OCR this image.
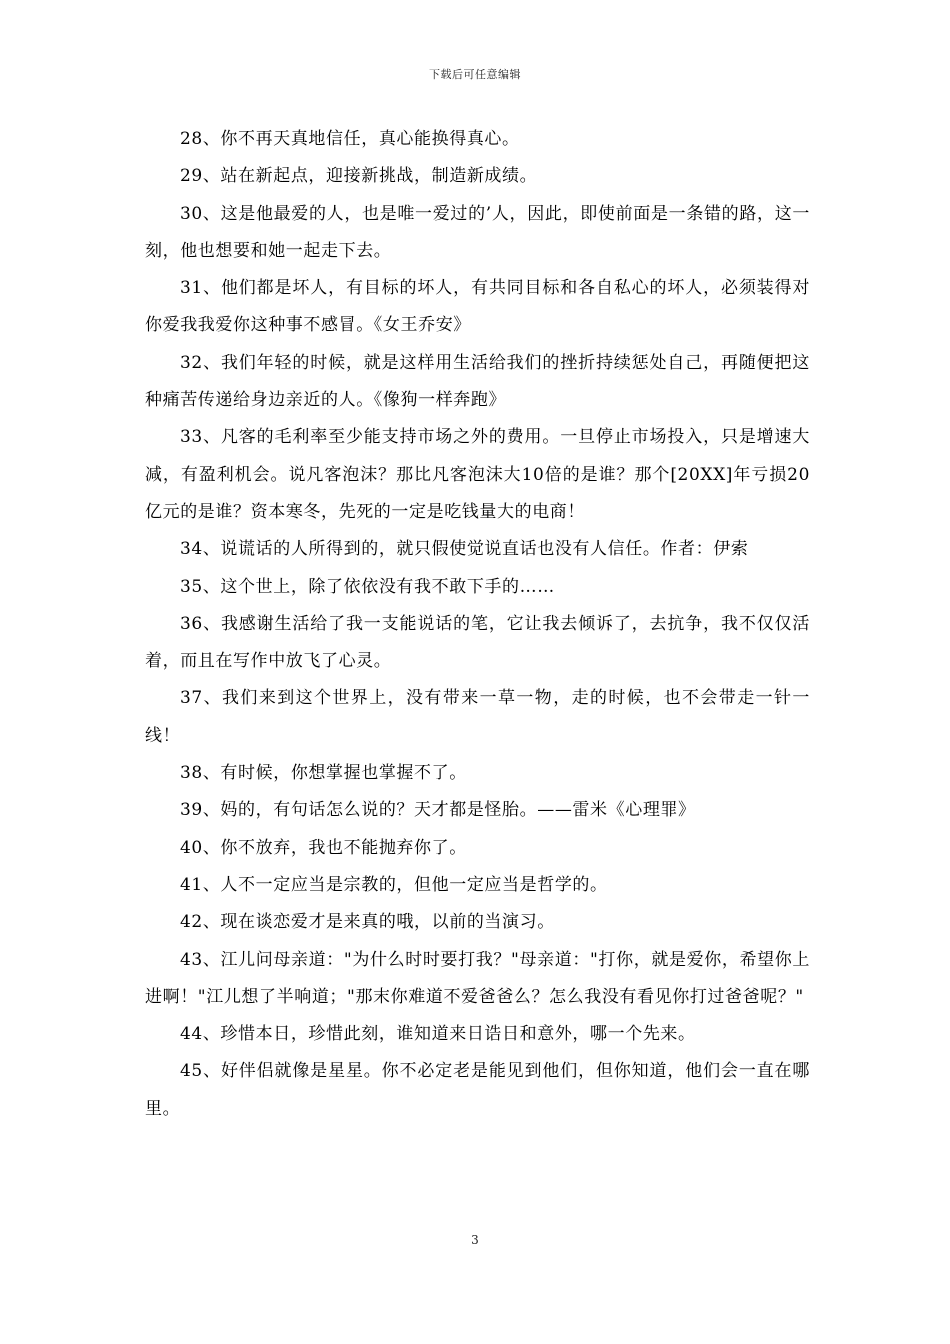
下载后可任意编辑

28、你不再天真地信任，真心能换得真心。

29、站在新起点，迎接新挑战，制造新成绩。

30、这是他最爱的人，也是唯一爱过的’人，因此，即使前面是一条错的路，这一刻，他也想要和她一起走下去。

31、他们都是坏人，有目标的坏人，有共同目标和各自私心的坏人，必须装得对你爱我我爱你这种事不感冒。《女王乔安》

32、我们年轻的时候，就是这样用生活给我们的挫折持续惩处自己，再随便把这种痛苦传递给身边亲近的人。《像狗一样奔跑》

33、凡客的毛利率至少能支持市场之外的费用。一旦停止市场投入，只是增速大减，有盈利机会。说凡客泡沫？那比凡客泡沫大10倍的是谁？那个[20XX]年亏损20亿元的是谁？资本寒冬，先死的一定是吃钱量大的电商！

34、说谎话的人所得到的，就只假使觉说直话也没有人信任。作者：伊索

35、这个世上，除了依依没有我不敢下手的……

36、我感谢生活给了我一支能说话的笔，它让我去倾诉了，去抗争，我不仅仅活着，而且在写作中放飞了心灵。

37、我们来到这个世界上，没有带来一草一物，走的时候，也不会带走一针一线！

38、有时候，你想掌握也掌握不了。

39、妈的，有句话怎么说的？天才都是怪胎。——雷米《心理罪》

40、你不放弃，我也不能抛弃你了。

41、人不一定应当是宗教的，但他一定应当是哲学的。

42、现在谈恋爱才是来真的哦，以前的当演习。

43、江儿问母亲道："为什么时时要打我？"母亲道："打你，就是爱你，希望你上进啊！"江儿想了半响道；"那末你难道不爱爸爸么？怎么我没有看见你打过爸爸呢？"

44、珍惜本日，珍惜此刻，谁知道来日诰日和意外，哪一个先来。

45、好伴侣就像是星星。你不必定老是能见到他们，但你知道，他们会一直在哪里。

3
